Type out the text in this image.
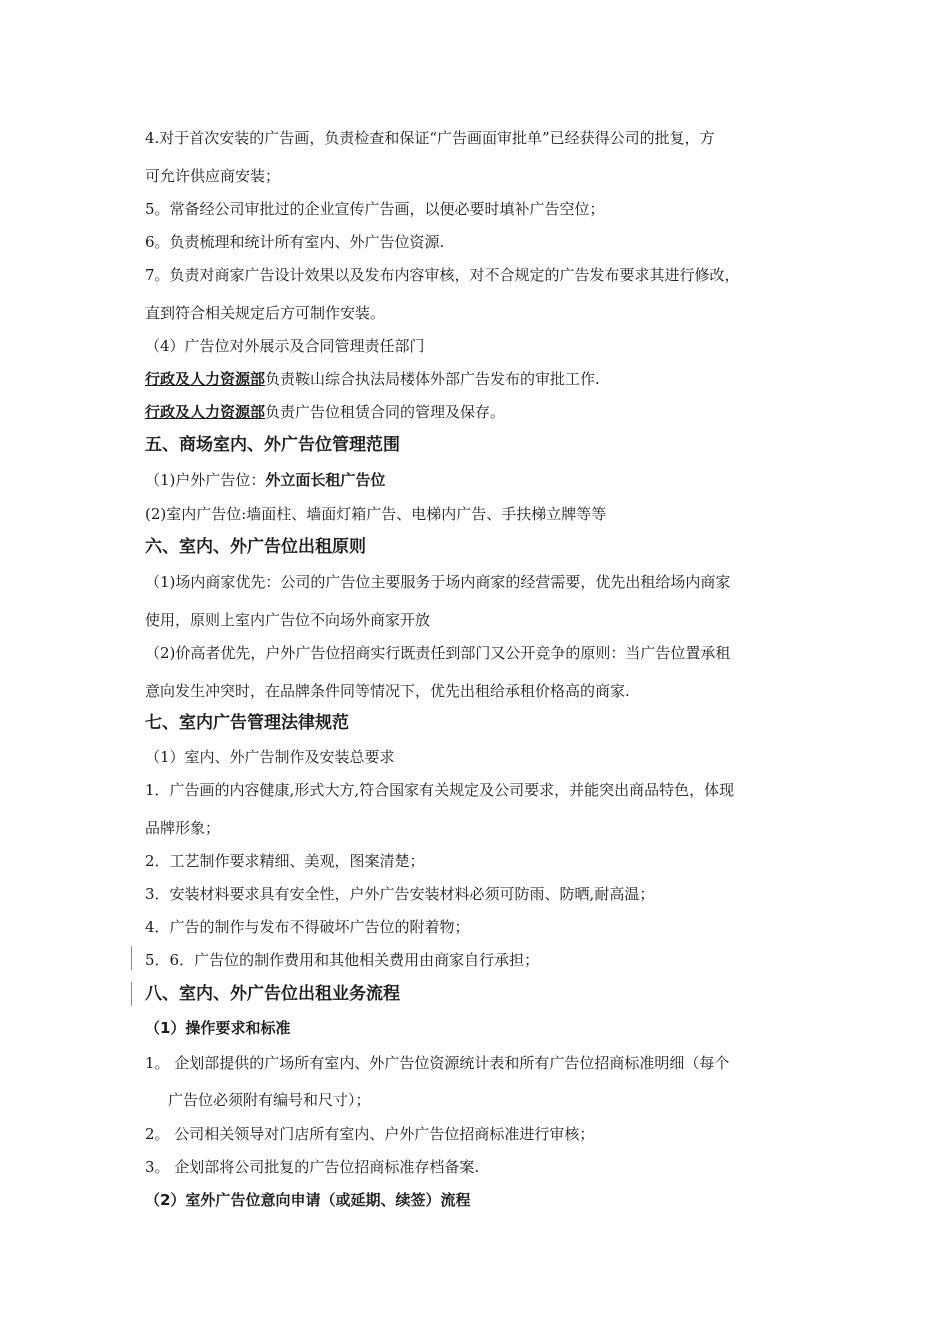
4.对于首次安装的广告画，负责检查和保证“广告画面审批单”已经获得公司的批复，方
可允许供应商安装；
5。常备经公司审批过的企业宣传广告画，以便必要时填补广告空位；
6。负责梳理和统计所有室内、外广告位资源.
7。负责对商家广告设计效果以及发布内容审核，对不合规定的广告发布要求其进行修改，
直到符合相关规定后方可制作安装。
（4）广告位对外展示及合同管理责任部门
行政及人力资源部负责鞍山综合执法局楼体外部广告发布的审批工作.
行政及人力资源部负责广告位租赁合同的管理及保存。
五、商场室内、外广告位管理范围
（1)户外广告位：外立面长租广告位
(2)室内广告位:墙面柱、墙面灯箱广告、电梯内广告、手扶梯立牌等等
六、室内、外广告位出租原则
（1)场内商家优先：公司的广告位主要服务于场内商家的经营需要，优先出租给场内商家
使用，原则上室内广告位不向场外商家开放
（2)价高者优先，户外广告位招商实行既责任到部门又公开竞争的原则：当广告位置承租
意向发生冲突时，在品牌条件同等情况下，优先出租给承租价格高的商家.
七、室内广告管理法律规范
（1）室内、外广告制作及安装总要求
1．广告画的内容健康,形式大方,符合国家有关规定及公司要求，并能突出商品特色，体现
品牌形象；
2．工艺制作要求精细、美观，图案清楚；
3．安装材料要求具有安全性，户外广告安装材料必须可防雨、防晒,耐高温；
4．广告的制作与发布不得破坏广告位的附着物；
5．6．广告位的制作费用和其他相关费用由商家自行承担；
八、室内、外广告位出租业务流程
（1）操作要求和标准
1。 企划部提供的广场所有室内、外广告位资源统计表和所有广告位招商标准明细（每个
广告位必须附有编号和尺寸）；
2。 公司相关领导对门店所有室内、户外广告位招商标准进行审核；
3。 企划部将公司批复的广告位招商标准存档备案.
（2）室外广告位意向申请（或延期、续签）流程
